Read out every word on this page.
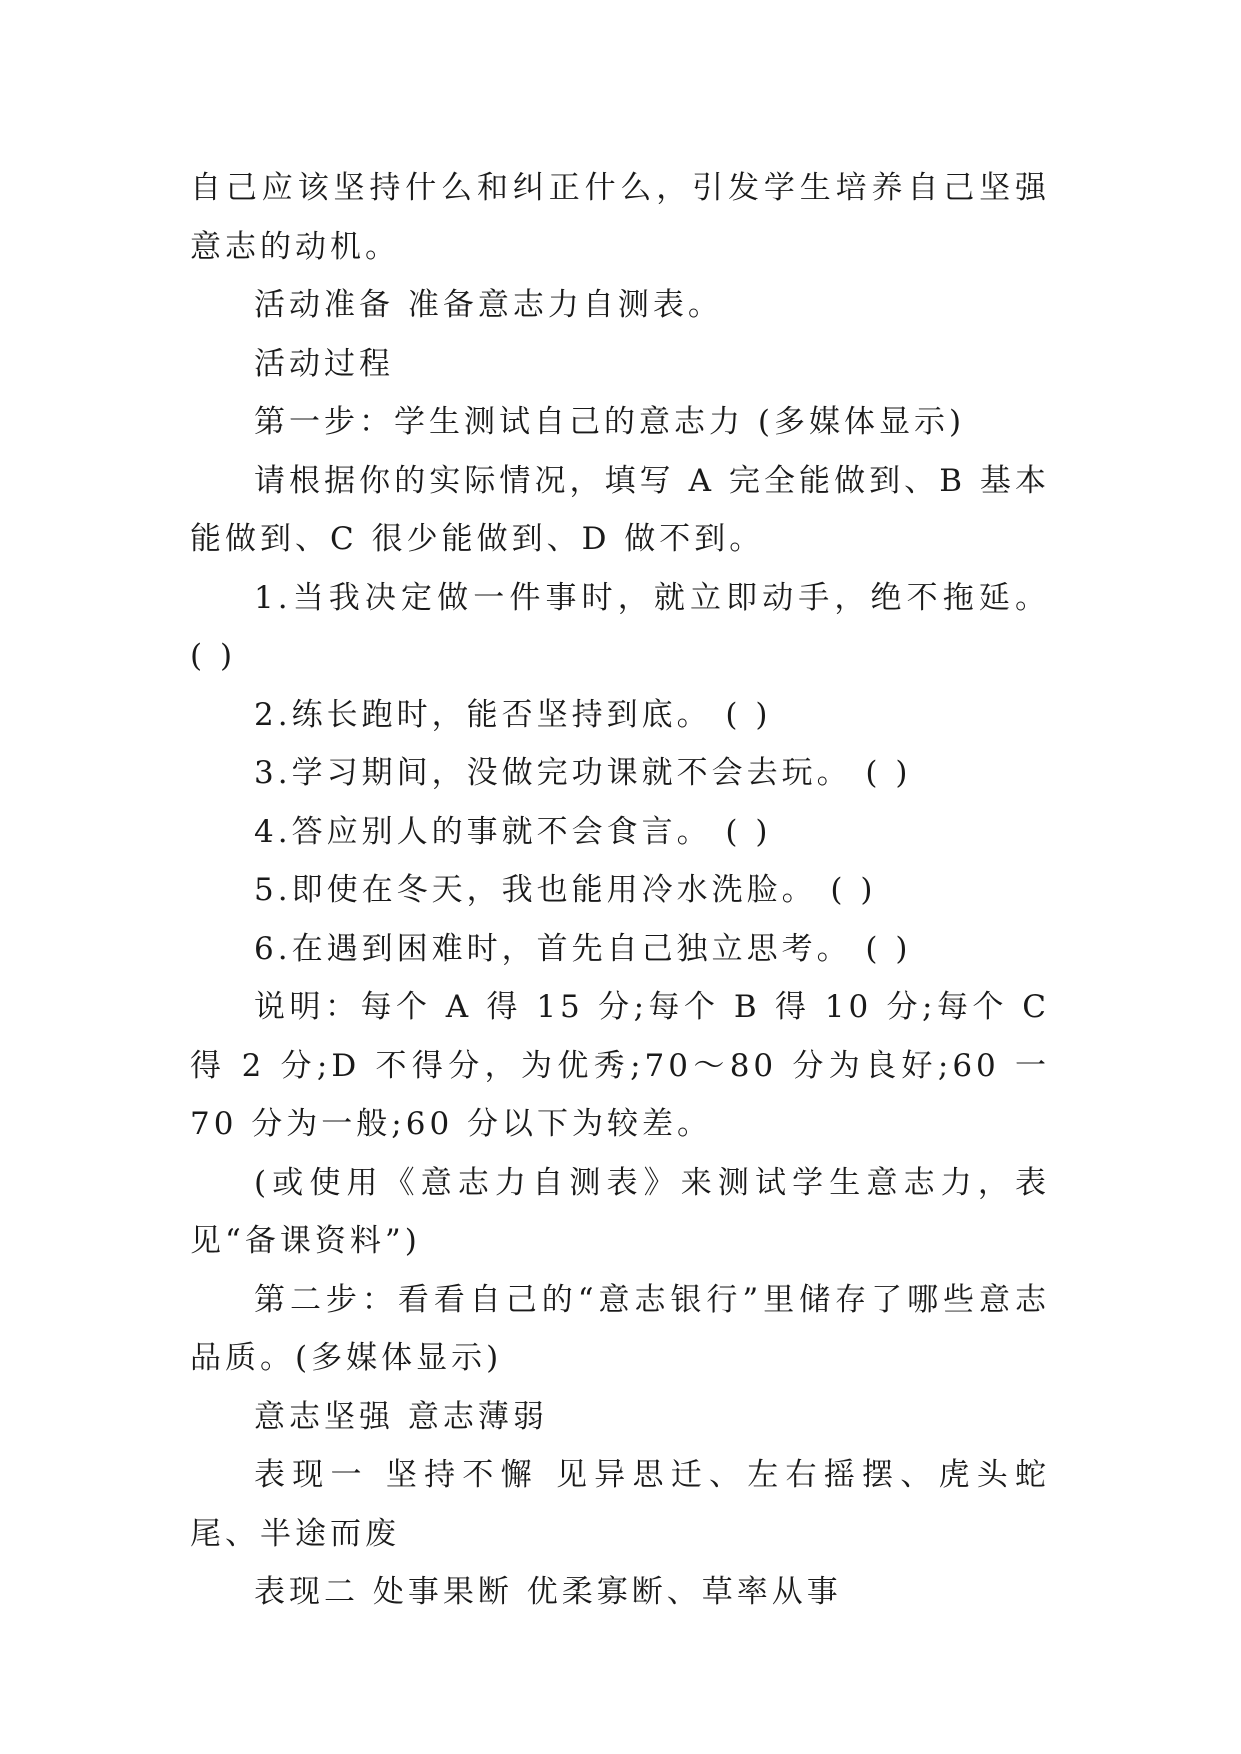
自己应该坚持什么和纠正什么，引发学生培养自己坚强意志的动机。

活动准备 准备意志力自测表。

活动过程

第一步：学生测试自己的意志力 (多媒体显示)

请根据你的实际情况，填写 A 完全能做到、B 基本能做到、C 很少能做到、D 做不到。

1.当我决定做一件事时，就立即动手，绝不拖延。 ( )

2.练长跑时，能否坚持到底。 ( )

3.学习期间，没做完功课就不会去玩。 ( )

4.答应别人的事就不会食言。 ( )

5.即使在冬天，我也能用冷水洗脸。 ( )

6.在遇到困难时，首先自己独立思考。 ( )

说明：每个 A 得 15 分;每个 B 得 10 分;每个 C 得 2 分;D 不得分，为优秀;70～80 分为良好;60 一 70 分为一般;60 分以下为较差。

(或使用《意志力自测表》来测试学生意志力，表见“备课资料”)

第二步：看看自己的“意志银行”里储存了哪些意志品质。(多媒体显示)

意志坚强 意志薄弱

表现一 坚持不懈 见异思迁、左右摇摆、虎头蛇尾、半途而废

表现二 处事果断 优柔寡断、草率从事
